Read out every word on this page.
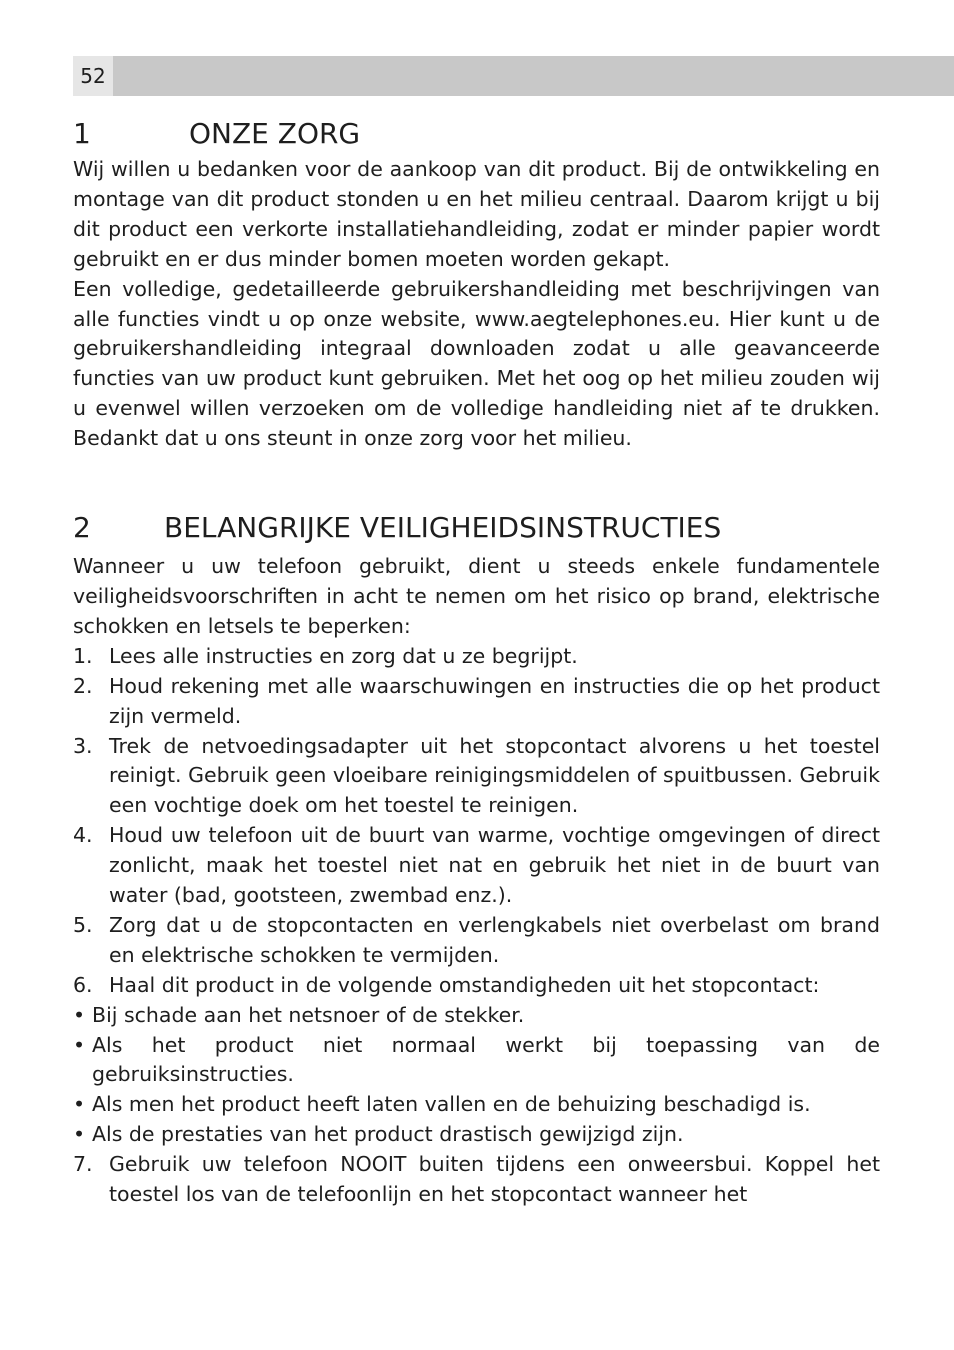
52
1	ONZE ZORG

Wij willen u bedanken voor de aankoop van dit product. Bij de ontwikkeling en montage van dit product stonden u en het milieu centraal. Daarom krijgt u bij dit product een verkorte installatiehandleiding, zodat er minder papier wordt gebruikt en er dus minder bomen moeten worden gekapt.

Een volledige, gedetailleerde gebruikershandleiding met beschrijvingen van alle functies vindt u op onze website, www.aegtelephones.eu. Hier kunt u de gebruikershandleiding integraal downloaden zodat u alle geavanceerde functies van uw product kunt gebruiken. Met het oog op het milieu zouden wij u evenwel willen verzoeken om de volledige handleiding niet af te drukken. Bedankt dat u ons steunt in onze zorg voor het milieu.

2	BELANGRIJKE VEILIGHEIDSINSTRUCTIES

Wanneer u uw telefoon gebruikt, dient u steeds enkele fundamentele veiligheidsvoorschriften in acht te nemen om het risico op brand, elektrische schokken en letsels te beperken:

1. Lees alle instructies en zorg dat u ze begrijpt.
2. Houd rekening met alle waarschuwingen en instructies die op het product zijn vermeld.
3. Trek de netvoedingsadapter uit het stopcontact alvorens u het toestel reinigt. Gebruik geen vloeibare reinigingsmiddelen of spuitbussen. Gebruik een vochtige doek om het toestel te reinigen.
4. Houd uw telefoon uit de buurt van warme, vochtige omgevingen of direct zonlicht, maak het toestel niet nat en gebruik het niet in de buurt van water (bad, gootsteen, zwembad enz.).
5. Zorg dat u de stopcontacten en verlengkabels niet overbelast om brand en elektrische schokken te vermijden.
6. Haal dit product in de volgende omstandigheden uit het stopcontact:
• Bij schade aan het netsnoer of de stekker.
• Als het product niet normaal werkt bij toepassing van de gebruiksinstructies.
• Als men het product heeft laten vallen en de behuizing beschadigd is.
• Als de prestaties van het product drastisch gewijzigd zijn.
7. Gebruik uw telefoon NOOIT buiten tijdens een onweersbui. Koppel het toestel los van de telefoonlijn en het stopcontact wanneer het
